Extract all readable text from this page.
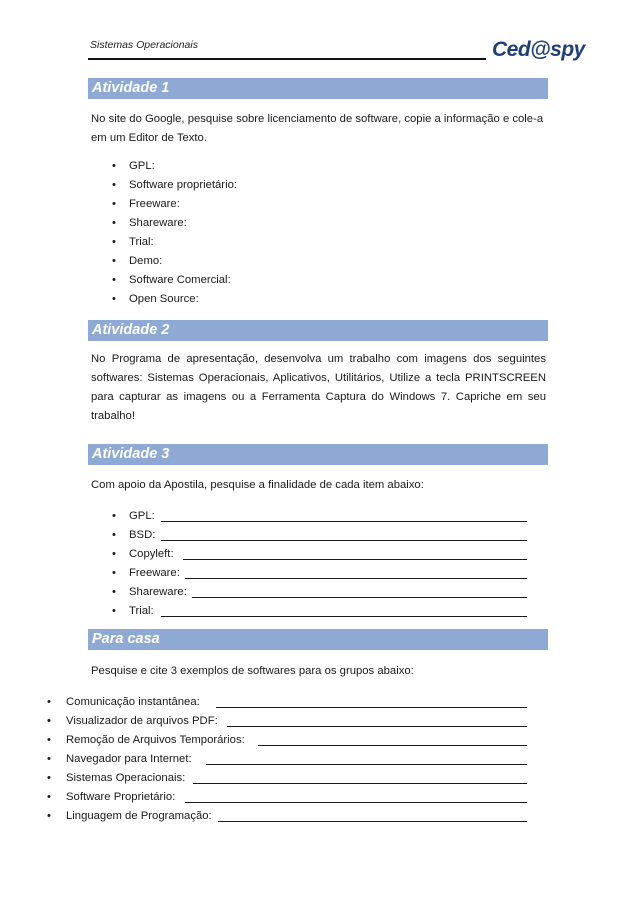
Sistemas Operacionais	Ced@spy
Atividade 1
No site do Google, pesquise sobre licenciamento de software, copie a informação e cole-a em um Editor de Texto.
• GPL:
• Software proprietário:
• Freeware:
• Shareware:
• Trial:
• Demo:
• Software Comercial:
• Open Source:
Atividade 2
No Programa de apresentação, desenvolva um trabalho com imagens dos seguintes softwares: Sistemas Operacionais, Aplicativos, Utilitários, Utilize a tecla PRINTSCREEN para capturar as imagens ou a Ferramenta Captura do Windows 7. Capriche em seu trabalho!
Atividade 3
Com apoio da Apostila, pesquise a finalidade de cada item abaixo:
• GPL:
• BSD:
• Copyleft:
• Freeware:
• Shareware:
• Trial:
Para casa
Pesquise e cite 3 exemplos de softwares para os grupos abaixo:
• Comunicação instantânea:
• Visualizador de arquivos PDF:
• Remoção de Arquivos Temporários:
• Navegador para Internet:
• Sistemas Operacionais:
• Software Proprietário:
• Linguagem de Programação:
